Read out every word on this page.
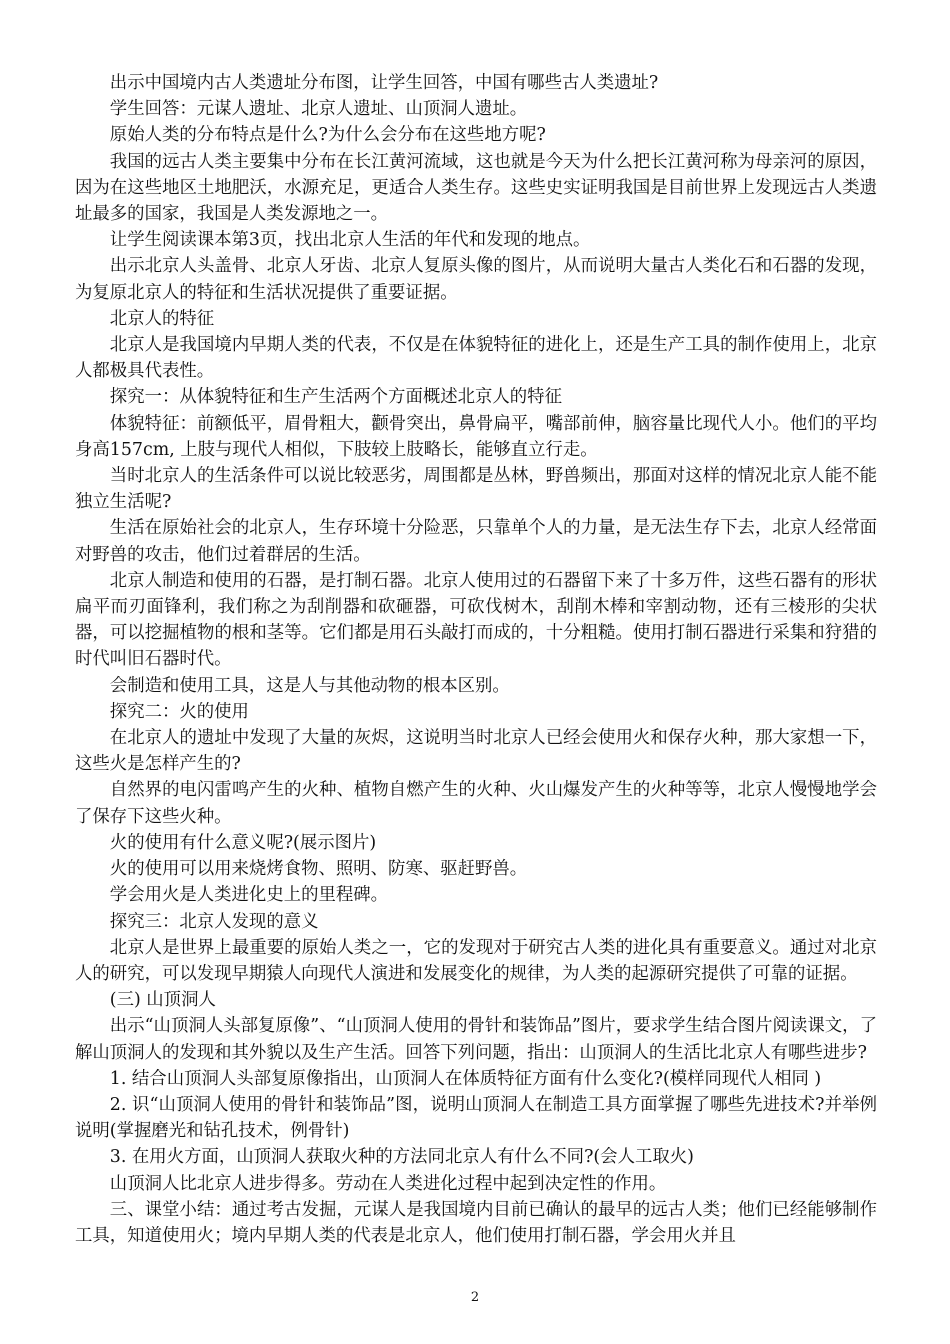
出示中国境内古人类遗址分布图，让学生回答，中国有哪些古人类遗址?

学生回答：元谋人遗址、北京人遗址、山顶洞人遗址。

原始人类的分布特点是什么?为什么会分布在这些地方呢?

我国的远古人类主要集中分布在长江黄河流域，这也就是今天为什么把长江黄河称为母亲河的原因，因为在这些地区土地肥沃，水源充足，更适合人类生存。这些史实证明我国是目前世界上发现远古人类遗址最多的国家，我国是人类发源地之一。

让学生阅读课本第3页，找出北京人生活的年代和发现的地点。

出示北京人头盖骨、北京人牙齿、北京人复原头像的图片，从而说明大量古人类化石和石器的发现，为复原北京人的特征和生活状况提供了重要证据。

北京人的特征

北京人是我国境内早期人类的代表，不仅是在体貌特征的进化上，还是生产工具的制作使用上，北京人都极具代表性。

探究一：从体貌特征和生产生活两个方面概述北京人的特征

体貌特征：前额低平，眉骨粗大，颧骨突出，鼻骨扁平，嘴部前伸，脑容量比现代人小。他们的平均身高157cm, 上肢与现代人相似，下肢较上肢略长，能够直立行走。

当时北京人的生活条件可以说比较恶劣，周围都是丛林，野兽频出，那面对这样的情况北京人能不能独立生活呢?

生活在原始社会的北京人，生存环境十分险恶，只靠单个人的力量，是无法生存下去，北京人经常面对野兽的攻击，他们过着群居的生活。

北京人制造和使用的石器，是打制石器。北京人使用过的石器留下来了十多万件，这些石器有的形状扁平而刃面锋利，我们称之为刮削器和砍砸器，可砍伐树木，刮削木棒和宰割动物，还有三棱形的尖状器，可以挖掘植物的根和茎等。它们都是用石头敲打而成的，十分粗糙。使用打制石器进行采集和狩猎的时代叫旧石器时代。

会制造和使用工具，这是人与其他动物的根本区别。

探究二：火的使用

在北京人的遗址中发现了大量的灰烬，这说明当时北京人已经会使用火和保存火种，那大家想一下，这些火是怎样产生的?

自然界的电闪雷鸣产生的火种、植物自燃产生的火种、火山爆发产生的火种等等，北京人慢慢地学会了保存下这些火种。

火的使用有什么意义呢?(展示图片)

火的使用可以用来烧烤食物、照明、防寒、驱赶野兽。

学会用火是人类进化史上的里程碑。

探究三：北京人发现的意义

北京人是世界上最重要的原始人类之一，它的发现对于研究古人类的进化具有重要意义。通过对北京人的研究，可以发现早期猿人向现代人演进和发展变化的规律，为人类的起源研究提供了可靠的证据。

(三) 山顶洞人

出示“山顶洞人头部复原像”、“山顶洞人使用的骨针和装饰品”图片，要求学生结合图片阅读课文，了解山顶洞人的发现和其外貌以及生产生活。回答下列问题，指出：山顶洞人的生活比北京人有哪些进步?

1. 结合山顶洞人头部复原像指出，山顶洞人在体质特征方面有什么变化?(模样同现代人相同 )

2. 识“山顶洞人使用的骨针和装饰品”图，说明山顶洞人在制造工具方面掌握了哪些先进技术?并举例说明(掌握磨光和钻孔技术，例骨针)

3. 在用火方面，山顶洞人获取火种的方法同北京人有什么不同?(会人工取火)

山顶洞人比北京人进步得多。劳动在人类进化过程中起到决定性的作用。

三、课堂小结：通过考古发掘，元谋人是我国境内目前已确认的最早的远古人类；他们已经能够制作工具，知道使用火；境内早期人类的代表是北京人，他们使用打制石器，学会用火并且

2
